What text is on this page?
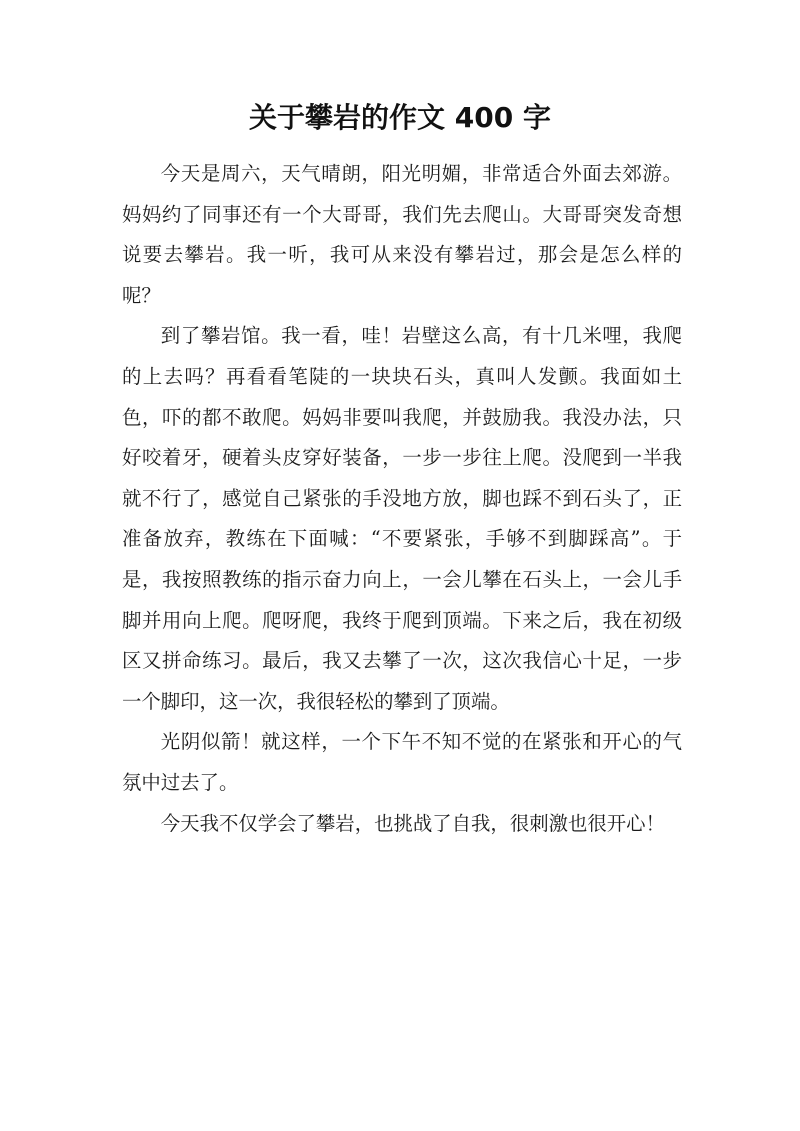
关于攀岩的作文 400 字

今天是周六，天气晴朗，阳光明媚，非常适合外面去郊游。妈妈约了同事还有一个大哥哥，我们先去爬山。大哥哥突发奇想说要去攀岩。我一听，我可从来没有攀岩过，那会是怎么样的呢？

到了攀岩馆。我一看，哇！岩壁这么高，有十几米哩，我爬的上去吗？再看看笔陡的一块块石头，真叫人发颤。我面如土色，吓的都不敢爬。妈妈非要叫我爬，并鼓励我。我没办法，只好咬着牙，硬着头皮穿好装备，一步一步往上爬。没爬到一半我就不行了，感觉自己紧张的手没地方放，脚也踩不到石头了，正准备放弃，教练在下面喊：“不要紧张，手够不到脚踩高”。于是，我按照教练的指示奋力向上，一会儿攀在石头上，一会儿手脚并用向上爬。爬呀爬，我终于爬到顶端。下来之后，我在初级区又拼命练习。最后，我又去攀了一次，这次我信心十足，一步一个脚印，这一次，我很轻松的攀到了顶端。

光阴似箭！就这样，一个下午不知不觉的在紧张和开心的气氛中过去了。

今天我不仅学会了攀岩，也挑战了自我，很刺激也很开心！
